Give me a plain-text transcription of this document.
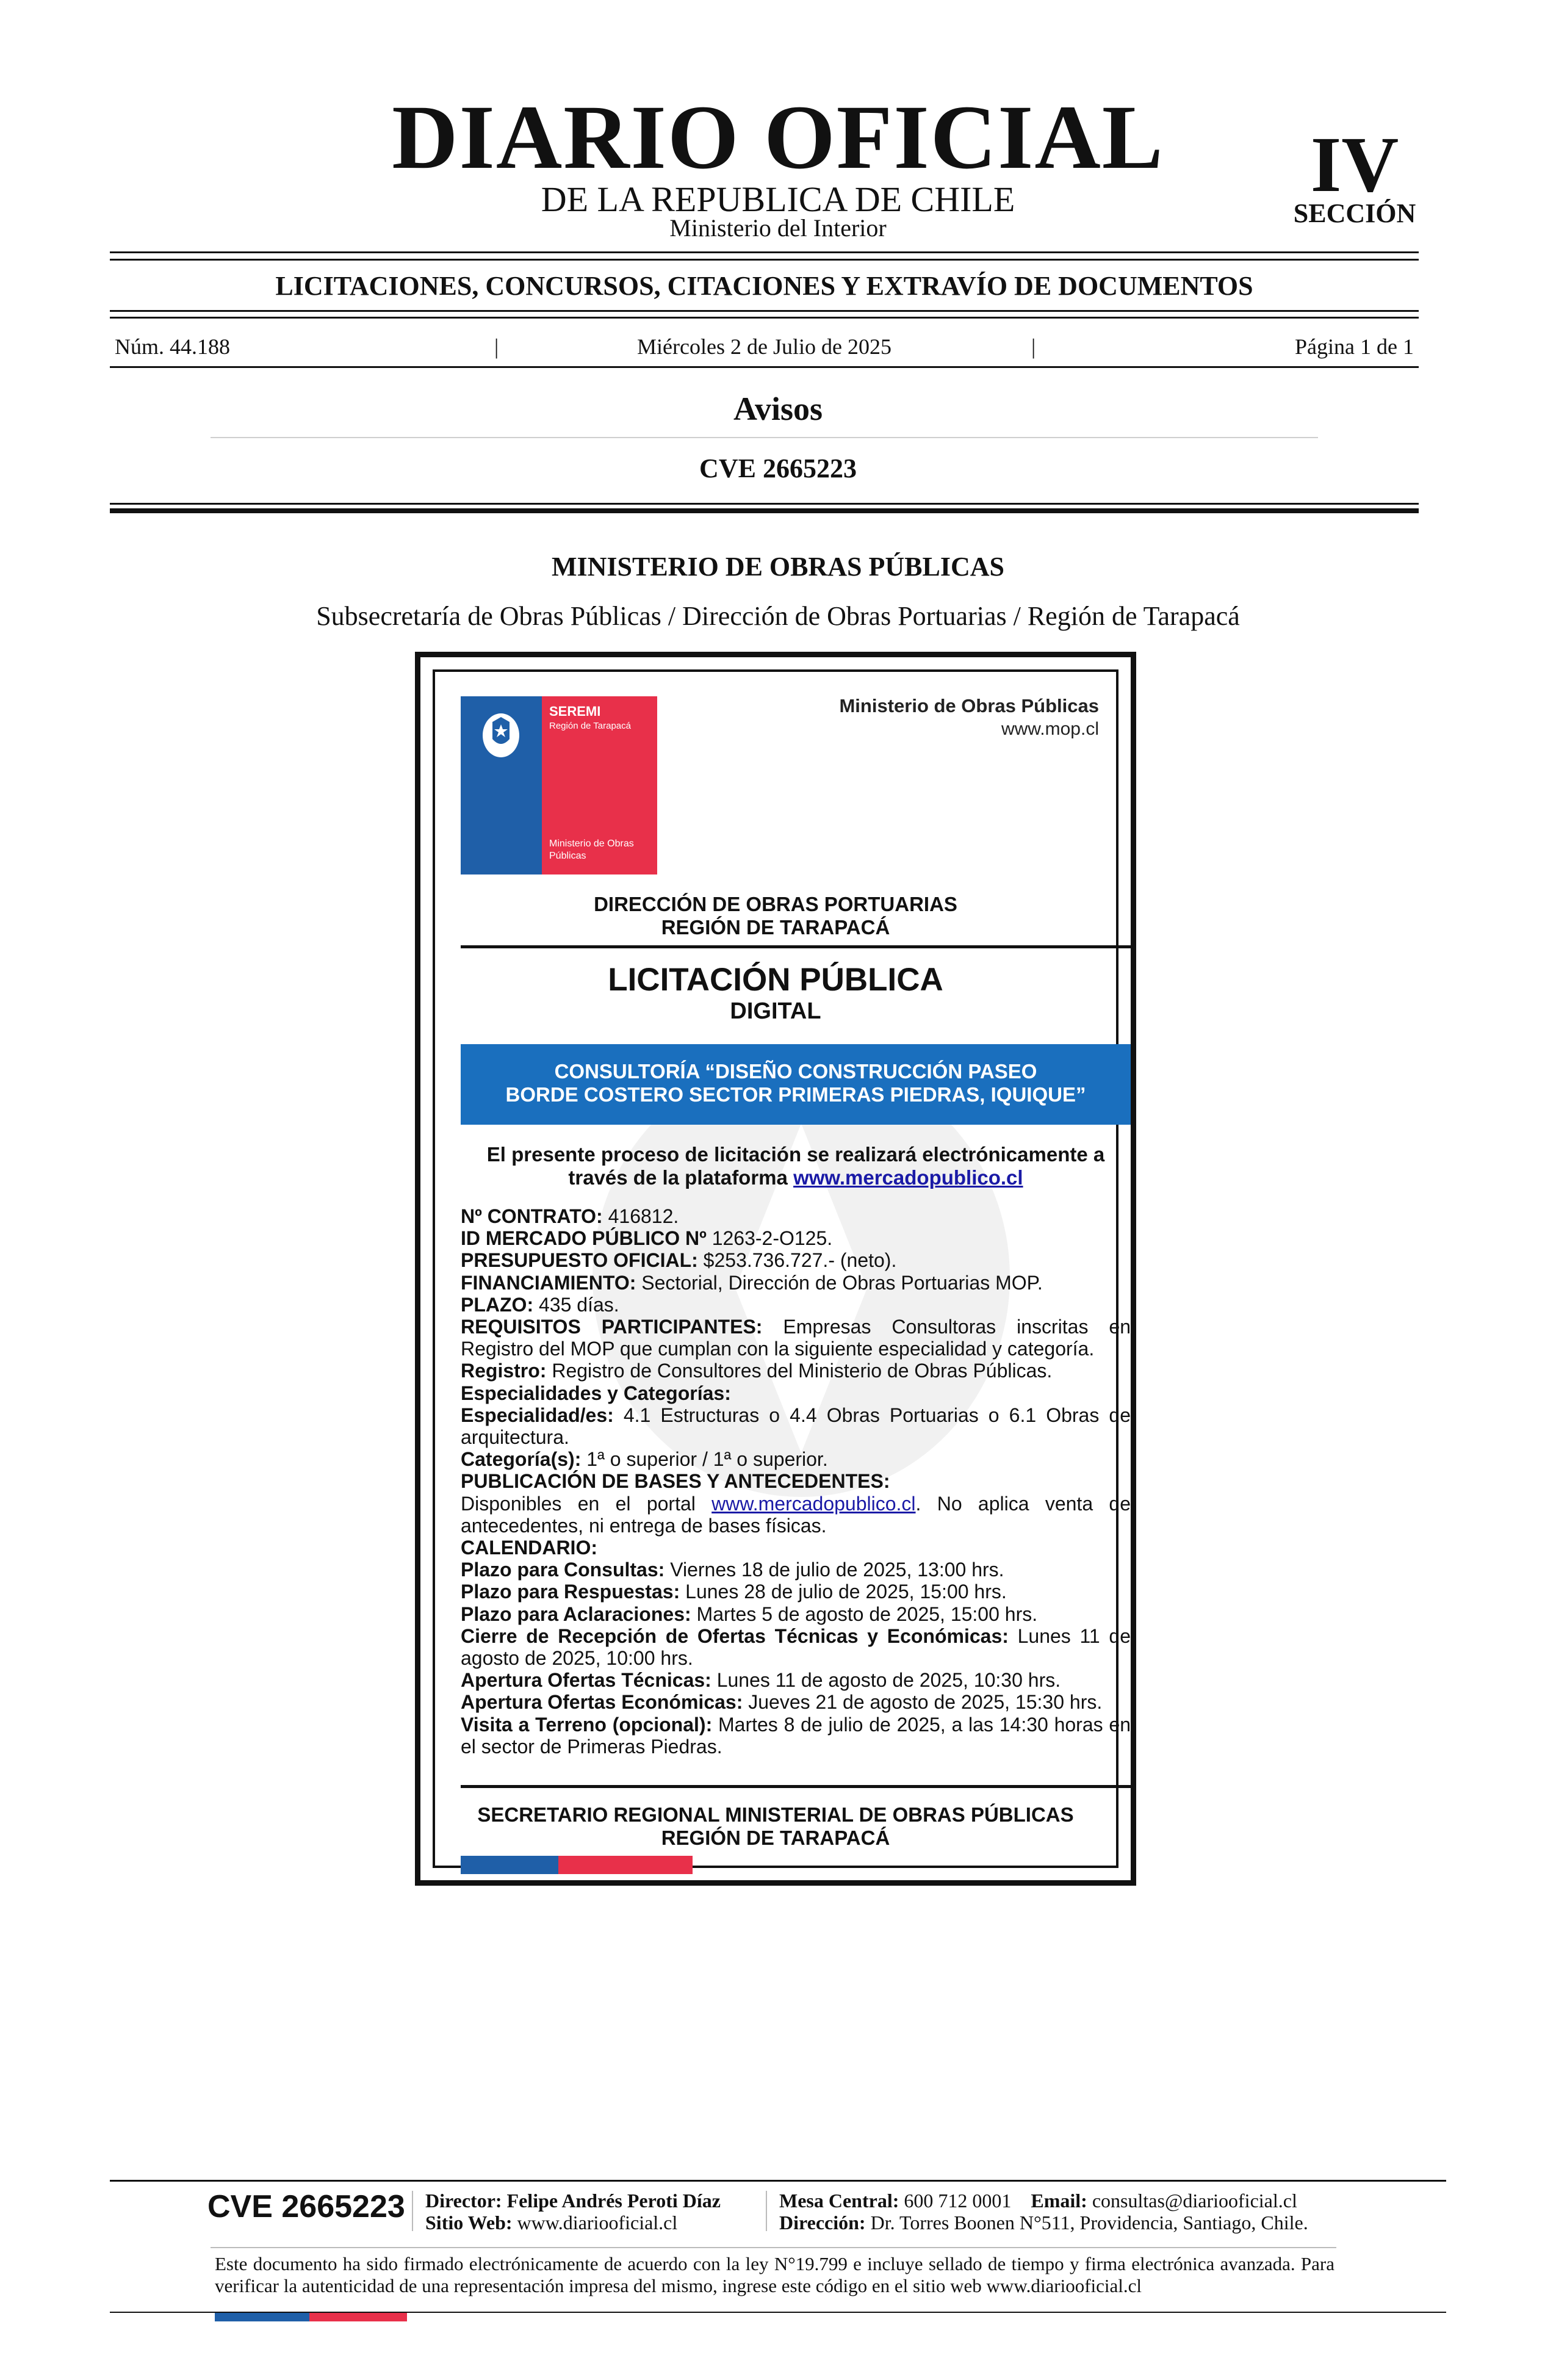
DIARIO OFICIAL
DE LA REPUBLICA DE CHILE
Ministerio del Interior
IV
SECCIÓN
LICITACIONES, CONCURSOS, CITACIONES Y EXTRAVÍO DE DOCUMENTOS
Núm. 44.188	|	Miércoles 2 de Julio de 2025	|	Página 1 de 1
Avisos
CVE 2665223
MINISTERIO DE OBRAS PÚBLICAS
Subsecretaría de Obras Públicas / Dirección de Obras Portuarias / Región de Tarapacá
SEREMI
Región de Tarapacá
Ministerio de Obras Públicas
Ministerio de Obras Públicas
www.mop.cl
DIRECCIÓN DE OBRAS PORTUARIAS
REGIÓN DE TARAPACÁ
LICITACIÓN PÚBLICA
DIGITAL
CONSULTORÍA “DISEÑO CONSTRUCCIÓN PASEO
BORDE COSTERO SECTOR PRIMERAS PIEDRAS, IQUIQUE”
El presente proceso de licitación se realizará electrónicamente a través de la plataforma www.mercadopublico.cl

Nº CONTRATO: 416812.

ID MERCADO PÚBLICO Nº 1263-2-O125.

PRESUPUESTO OFICIAL: $253.736.727.- (neto).

FINANCIAMIENTO: Sectorial, Dirección de Obras Portuarias MOP.

PLAZO: 435 días.

REQUISITOS PARTICIPANTES: Empresas Consultoras inscritas en Registro del MOP que cumplan con la siguiente especialidad y categoría.

Registro: Registro de Consultores del Ministerio de Obras Públicas.

Especialidades y Categorías:

Especialidad/es: 4.1 Estructuras o 4.4 Obras Portuarias o 6.1 Obras de arquitectura.

Categoría(s): 1ª o superior / 1ª o superior.

PUBLICACIÓN DE BASES Y ANTECEDENTES:

Disponibles en el portal www.mercadopublico.cl. No aplica venta de antecedentes, ni entrega de bases físicas.

CALENDARIO:

Plazo para Consultas: Viernes 18 de julio de 2025, 13:00 hrs.

Plazo para Respuestas: Lunes 28 de julio de 2025, 15:00 hrs.

Plazo para Aclaraciones: Martes 5 de agosto de 2025, 15:00 hrs.

Cierre de Recepción de Ofertas Técnicas y Económicas: Lunes 11 de agosto de 2025, 10:00 hrs.

Apertura Ofertas Técnicas: Lunes 11 de agosto de 2025, 10:30 hrs.

Apertura Ofertas Económicas: Jueves 21 de agosto de 2025, 15:30 hrs.

Visita a Terreno (opcional): Martes 8 de julio de 2025, a las 14:30 horas en el sector de Primeras Piedras.

SECRETARIO REGIONAL MINISTERIAL DE OBRAS PÚBLICAS
REGIÓN DE TARAPACÁ
CVE 2665223 Director: Felipe Andrés Peroti Díaz
Sitio Web: www.diariooficial.cl
Mesa Central: 600 712 0001 Email: consultas@diariooficial.cl
Dirección: Dr. Torres Boonen N°511, Providencia, Santiago, Chile.
Este documento ha sido firmado electrónicamente de acuerdo con la ley N°19.799 e incluye sellado de tiempo y firma electrónica avanzada. Para verificar la autenticidad de una representación impresa del mismo, ingrese este código en el sitio web www.diariooficial.cl
